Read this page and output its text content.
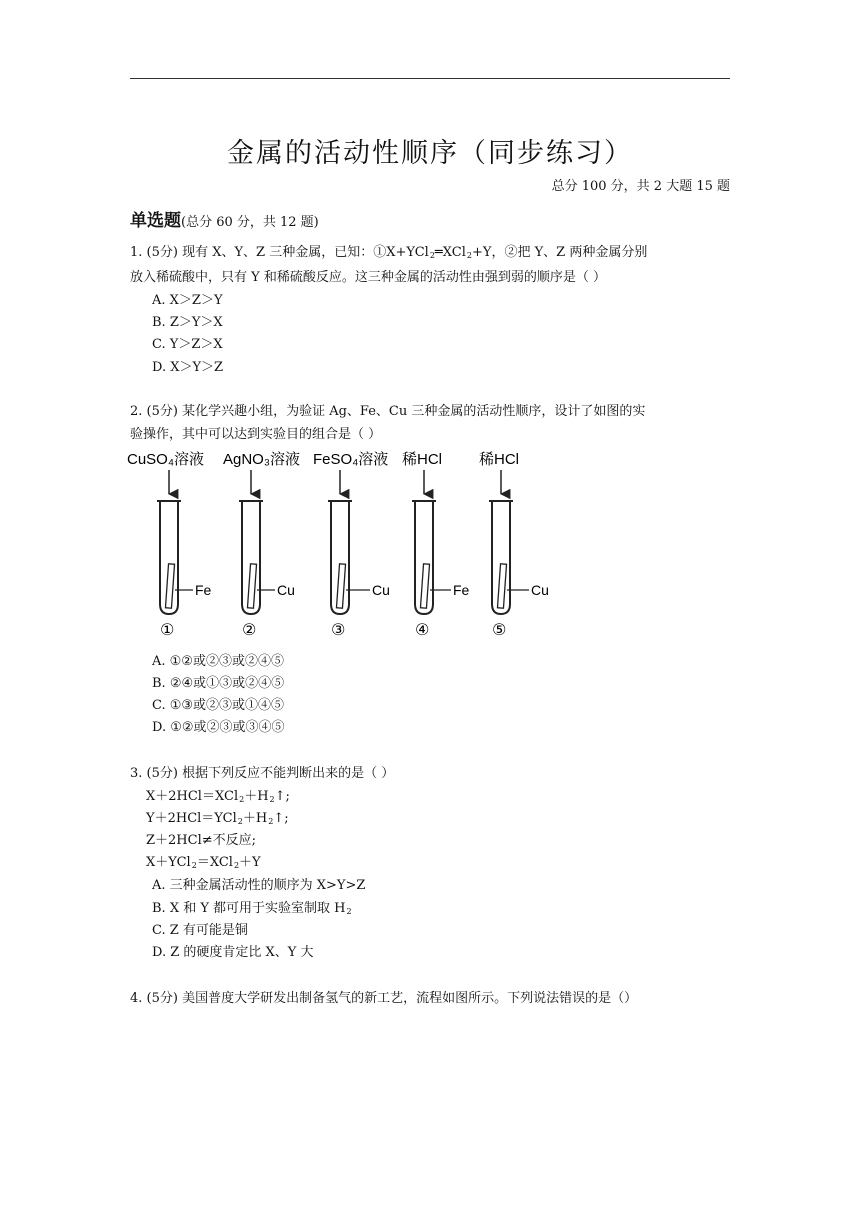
金属的活动性顺序（同步练习）
总分 100 分，共 2 大题 15 题
单选题(总分 60 分，共 12 题)
1. (5分) 现有 X、Y、Z 三种金属，已知：①X+YCl$_2$═XCl$_2$+Y，②把 Y、Z 两种金属分别
放入稀硫酸中，只有 Y 和稀硫酸反应。这三种金属的活动性由强到弱的顺序是（ ）
A. X＞Z＞Y
B. Z＞Y＞X
C. Y＞Z＞X
D. X＞Y＞Z
2. (5分) 某化学兴趣小组，为验证 Ag、Fe、Cu 三种金属的活动性顺序，设计了如图的实
验操作，其中可以达到实验目的组合是（ ）
CuSO₄溶液
Fe
①
AgNO₃溶液
Cu
②
FeSO₄溶液
Cu
③
稀HCl
Fe
④
稀HCl
Cu
⑤
A. ①②或②③或②④⑤
B. ②④或①③或②④⑤
C. ①③或②③或①④⑤
D. ①②或②③或③④⑤
3. (5分) 根据下列反应不能判断出来的是（ ）
$X+2HCl=XCl_2+H_2↑$;
$Y+2HCl=YCl_2+H_2↑$;
Z＋2HCl≠不反应;
X＋YCl$_2$＝XCl$_2$＋Y
A. 三种金属活动性的顺序为 X>Y>Z
B. X 和 Y 都可用于实验室制取 $H_2$
C. Z 有可能是铜
D. Z 的硬度肯定比 X、Y 大
4. (5分) 美国普度大学研发出制备氢气的新工艺，流程如图所示。下列说法错误的是（）
